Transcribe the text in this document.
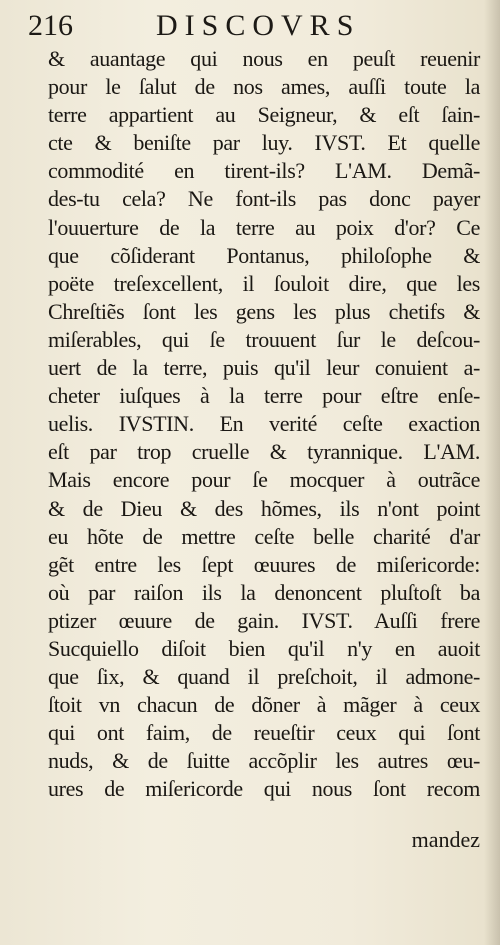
216	DISCOVRS
& auantage qui nous en peuſt reuenir
pour le ſalut de nos ames, auſſi toute la
terre appartient au Seigneur, & eſt ſain-
cte & beniſte par luy. IVST. Et quelle
commodité en tirent-ils? L'AM. Demã-
des-tu cela? Ne font-ils pas donc payer
l'ouuerture de la terre au poix d'or? Ce
que cõſiderant Pontanus, philoſophe &
poëte treſexcellent, il ſouloit dire, que les
Chreſtiẽs ſont les gens les plus chetifs &
miſerables, qui ſe trouuent ſur le deſcou-
uert de la terre, puis qu'il leur conuient a-
cheter iuſques à la terre pour eſtre enſe-
uelis. IVSTIN. En verité ceſte exaction
eſt par trop cruelle & tyrannique. L'AM.
Mais encore pour ſe mocquer à outrãce
& de Dieu & des hõmes, ils n'ont point
eu hõte de mettre ceſte belle charité d'ar
gẽt entre les ſept œuures de miſericorde:
où par raiſon ils la denoncent pluſtoſt ba
ptizer œuure de gain. IVST. Auſſi frere
Sucquiello diſoit bien qu'il n'y en auoit
que ſix, & quand il preſchoit, il admone-
ſtoit vn chacun de dõner à mãger à ceux
qui ont faim, de reueſtir ceux qui ſont
nuds, & de ſuitte accõplir les autres œu-
ures de miſericorde qui nous ſont recom
mandez
